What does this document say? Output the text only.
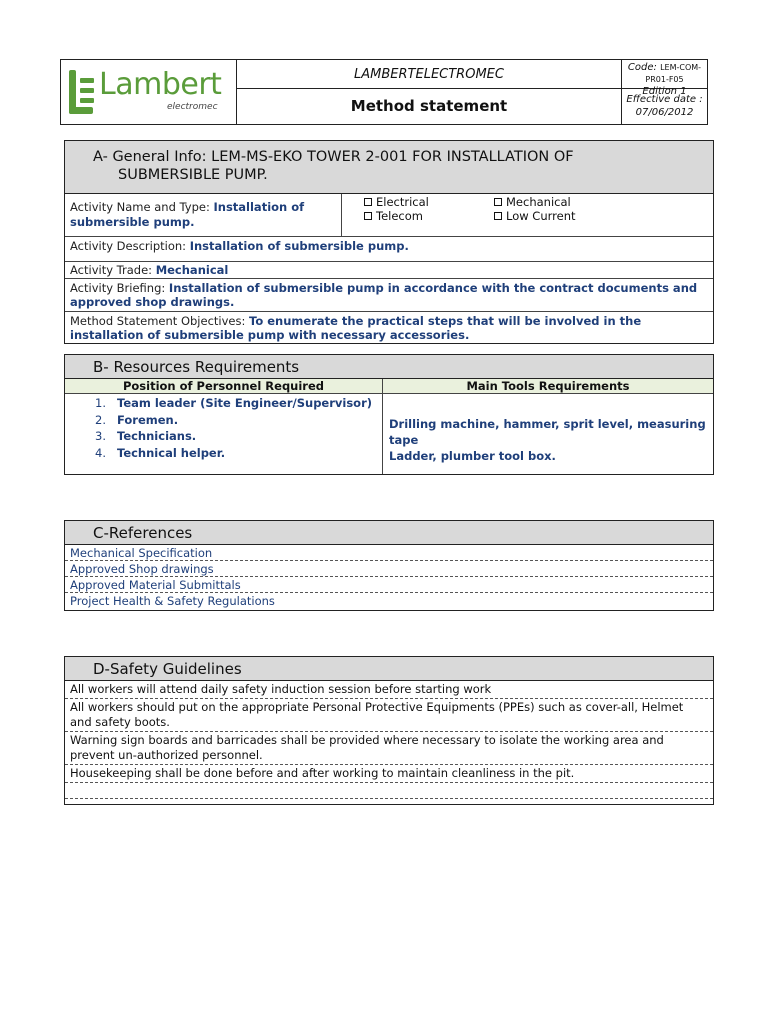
Lambert
electromec
LAMBERTELECTROMEC
Method statement
Code: LEM-COM-PR01-F05
Edition 1
Effective date :
07/06/2012
A- General Info: LEM-MS-EKO TOWER 2-001 FOR INSTALLATION OF
SUBMERSIBLE PUMP.
Activity Name and Type: Installation of
submersible pump.
Electrical	Mechanical
Telecom	Low Current
Activity Description: Installation of submersible pump.
Activity Trade: Mechanical
Activity Briefing: Installation of submersible pump in accordance with the contract documents and approved shop drawings.
Method Statement Objectives: To enumerate the practical steps that will be involved in the installation of submersible pump with necessary accessories.
B- Resources Requirements
Position of Personnel Required	Main Tools Requirements
1. Team leader (Site Engineer/Supervisor)
2. Foremen.
3. Technicians.
4. Technical helper.
Drilling machine, hammer, sprit level, measuring tape
Ladder, plumber tool box.
C-References
Mechanical Specification
Approved Shop drawings
Approved Material Submittals
Project Health & Safety Regulations
D-Safety Guidelines
All workers will attend daily safety induction session before starting work
All workers should put on the appropriate Personal Protective Equipments (PPEs) such as cover-all, Helmet and safety boots.
Warning sign boards and barricades shall be provided where necessary to isolate the working area and prevent un-authorized personnel.
Housekeeping shall be done before and after working to maintain cleanliness in the pit.
